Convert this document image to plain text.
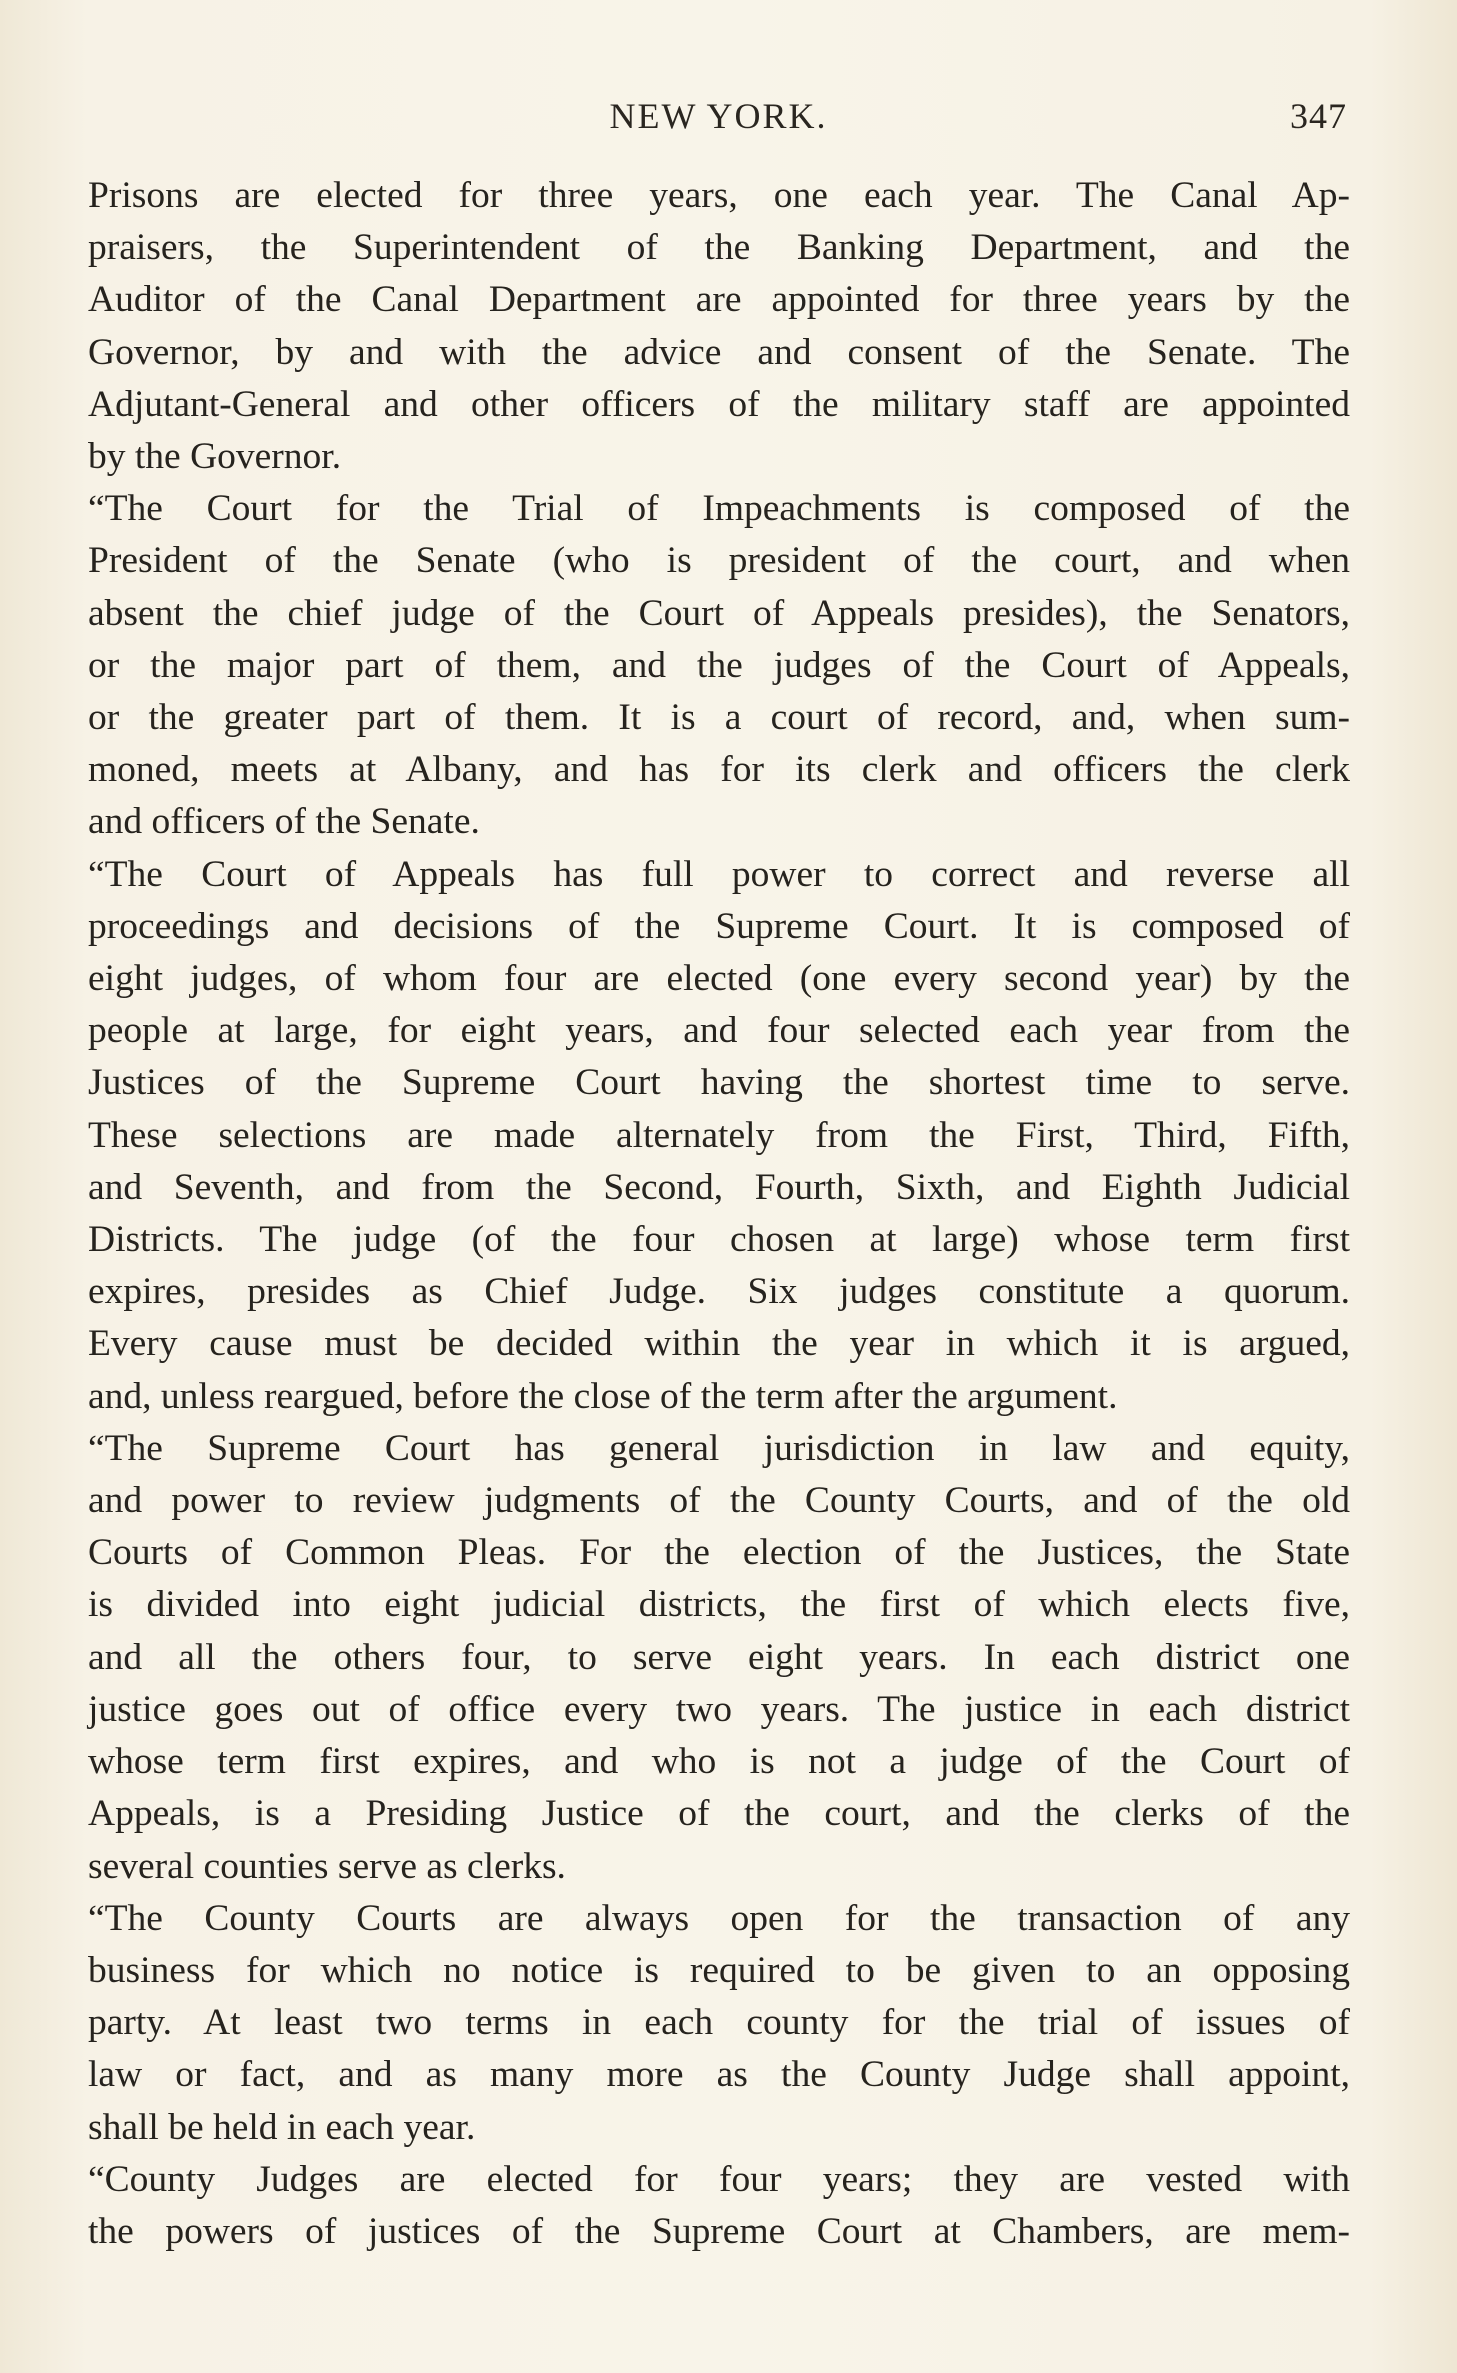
NEW YORK.	347

Prisons are elected for three years, one each year. The Canal Ap-
praisers, the Superintendent of the Banking Department, and the
Auditor of the Canal Department are appointed for three years by the
Governor, by and with the advice and consent of the Senate. The
Adjutant-General and other officers of the military staff are appointed
by the Governor.

“The Court for the Trial of Impeachments is composed of the
President of the Senate (who is president of the court, and when
absent the chief judge of the Court of Appeals presides), the Senators,
or the major part of them, and the judges of the Court of Appeals,
or the greater part of them. It is a court of record, and, when sum-
moned, meets at Albany, and has for its clerk and officers the clerk
and officers of the Senate.

“The Court of Appeals has full power to correct and reverse all
proceedings and decisions of the Supreme Court. It is composed of
eight judges, of whom four are elected (one every second year) by the
people at large, for eight years, and four selected each year from the
Justices of the Supreme Court having the shortest time to serve.
These selections are made alternately from the First, Third, Fifth,
and Seventh, and from the Second, Fourth, Sixth, and Eighth Judicial
Districts. The judge (of the four chosen at large) whose term first
expires, presides as Chief Judge. Six judges constitute a quorum.
Every cause must be decided within the year in which it is argued,
and, unless reargued, before the close of the term after the argument.

“The Supreme Court has general jurisdiction in law and equity,
and power to review judgments of the County Courts, and of the old
Courts of Common Pleas. For the election of the Justices, the State
is divided into eight judicial districts, the first of which elects five,
and all the others four, to serve eight years. In each district one
justice goes out of office every two years. The justice in each district
whose term first expires, and who is not a judge of the Court of
Appeals, is a Presiding Justice of the court, and the clerks of the
several counties serve as clerks.

“The County Courts are always open for the transaction of any
business for which no notice is required to be given to an opposing
party. At least two terms in each county for the trial of issues of
law or fact, and as many more as the County Judge shall appoint,
shall be held in each year.

“County Judges are elected for four years; they are vested with
the powers of justices of the Supreme Court at Chambers, are mem-
